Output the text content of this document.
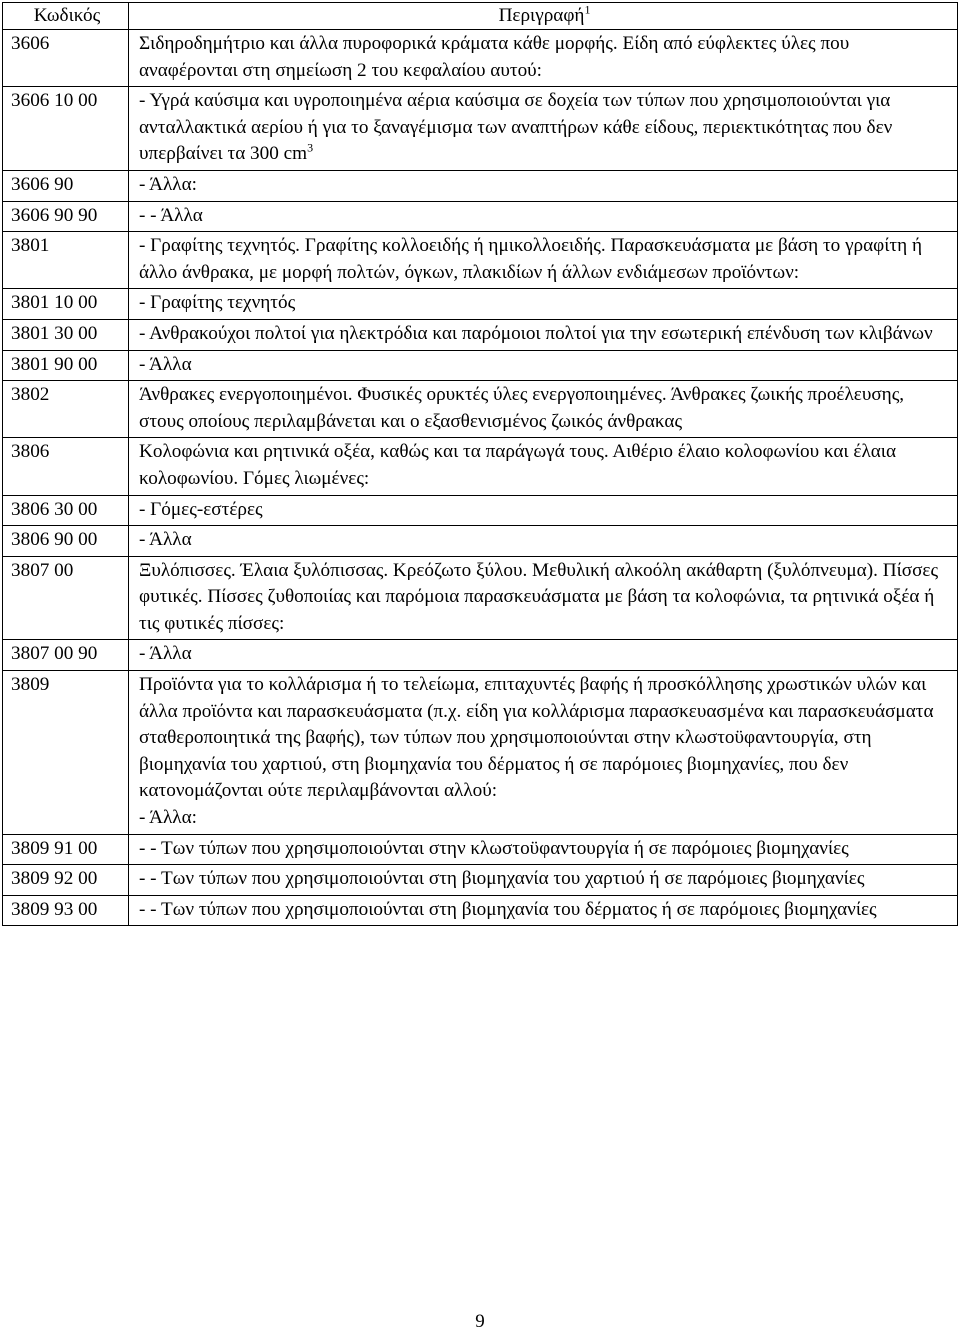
Κωδικός	Περιγραφή$^1$
3606	Σιδηροδημήτριο και άλλα πυροφορικά κράματα κάθε μορφής. Είδη από εύφλεκτες ύλες που αναφέρονται στη σημείωση 2 του κεφαλαίου αυτού:
3606 10 00	- Υγρά καύσιμα και υγροποιημένα αέρια καύσιμα σε δοχεία των τύπων που χρησιμοποιούνται για ανταλλακτικά αερίου ή για το ξαναγέμισμα των αναπτήρων κάθε είδους, περιεκτικότητας που δεν υπερβαίνει τα 300 $cm^3$
3606 90	- Άλλα:
3606 90 90	- - Άλλα
3801	- Γραφίτης τεχνητός. Γραφίτης κολλοειδής ή ημικολλοειδής. Παρασκευάσματα με βάση το γραφίτη ή άλλο άνθρακα, με μορφή πολτών, όγκων, πλακιδίων ή άλλων ενδιάμεσων προϊόντων:
3801 10 00	- Γραφίτης τεχνητός
3801 30 00	- Ανθρακούχοι πολτοί για ηλεκτρόδια και παρόμοιοι πολτοί για την εσωτερική επένδυση των κλιβάνων
3801 90 00	- Άλλα
3802	Άνθρακες ενεργοποιημένοι. Φυσικές ορυκτές ύλες ενεργοποιημένες. Άνθρακες ζωικής προέλευσης, στους οποίους περιλαμβάνεται και ο εξασθενισμένος ζωικός άνθρακας
3806	Κολοφώνια και ρητινικά οξέα, καθώς και τα παράγωγά τους. Αιθέριο έλαιο κολοφωνίου και έλαια κολοφωνίου. Γόμες λιωμένες:
3806 30 00	- Γόμες-εστέρες
3806 90 00	- Άλλα
3807 00	Ξυλόπισσες. Έλαια ξυλόπισσας. Κρεόζωτο ξύλου. Μεθυλική αλκοόλη ακάθαρτη (ξυλόπνευμα). Πίσσες φυτικές. Πίσσες ζυθοποιίας και παρόμοια παρασκευάσματα με βάση τα κολοφώνια, τα ρητινικά οξέα ή τις φυτικές πίσσες:
3807 00 90	- Άλλα
3809	Προϊόντα για το κολλάρισμα ή το τελείωμα, επιταχυντές βαφής ή προσκόλλησης χρωστικών υλών και άλλα προϊόντα και παρασκευάσματα (π.χ. είδη για κολλάρισμα παρασκευασμένα και παρασκευάσματα σταθεροποιητικά της βαφής), των τύπων που χρησιμοποιούνται στην κλωστοϋφαντουργία, στη βιομηχανία του χαρτιού, στη βιομηχανία του δέρματος ή σε παρόμοιες βιομηχανίες, που δεν κατονομάζονται ούτε περιλαμβάνονται αλλού:
- Άλλα:

3809 91 00	- - Των τύπων που χρησιμοποιούνται στην κλωστοϋφαντουργία ή σε παρόμοιες βιομηχανίες
3809 92 00	- - Των τύπων που χρησιμοποιούνται στη βιομηχανία του χαρτιού ή σε παρόμοιες βιομηχανίες
3809 93 00	- - Των τύπων που χρησιμοποιούνται στη βιομηχανία του δέρματος ή σε παρόμοιες βιομηχανίες
9
